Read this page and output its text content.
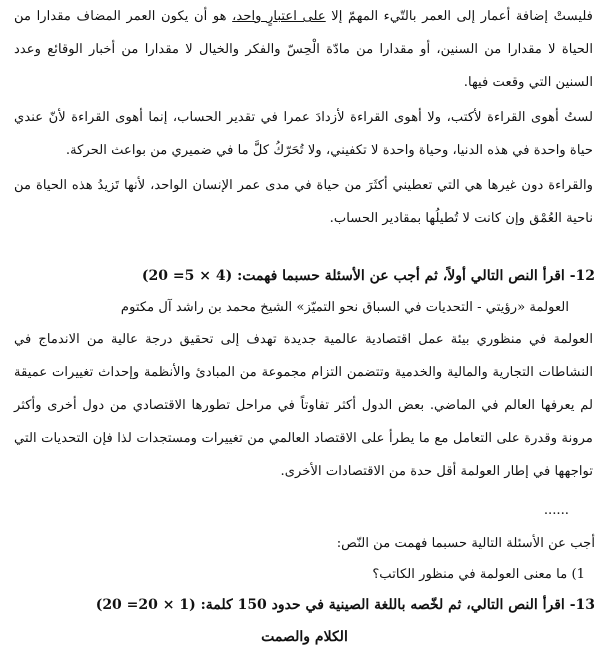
فليستْ إضافة أعمار إلى العمر بالتّيء المهمّ إلا على اعتبارٍ واحد، هو أن يكون العمر المضاف مقدارا من الحياة لا مقدارا من السنين، أو مقدارا من مادّة الْحِسّ والفكر والخيال لا مقدارا من أخبار الوقائع وعدد السنين التي وقعت فيها.

لستُ أهوى القراءة لأكتب، ولا أهوى القراءة لأزدادَ عمرا في تقدير الحساب، إنما أهوى القراءة لأنّ عندي حياة واحدة في هذه الدنيا، وحياة واحدة لا تكفيني، ولا تُحَرّكُ كلَّ ما في ضميري من بواعث الحركة.

والقراءة دون غيرها هي التي تعطيني أكثَرَ من حياة في مدى عمر الإنسان الواحد، لأنها تَزيدُ هذه الحياة من ناحية العُمْق وإن كانت لا تُطيلُها بمقادير الحساب.

12- اقرأ النص التالي أولاً، ثم أجب عن الأسئلة حسبما فهمت: (4 × 5= 20)
العولمة «رؤيتي - التحديات في السباق نحو التميّز» الشيخ محمد بن راشد آل مكتوم

العولمة في منظوري بيئة عمل اقتصادية عالمية جديدة تهدف إلى تحقيق درجة عالية من الاندماج في النشاطات التجارية والمالية والخدمية وتتضمن التزام مجموعة من المبادئ والأنظمة وإحداث تغييرات عميقة لم يعرفها العالم في الماضي. بعض الدول أكثر تفاوتاً في مراحل تطورها الاقتصادي من دول أخرى وأكثر مرونة وقدرة على التعامل مع ما يطرأ على الاقتصاد العالمي من تغييرات ومستجدات لذا فإن التحديات التي تواجهها في إطار العولمة أقل حدة من الاقتصادات الأخرى.

......
أجب عن الأسئلة التالية حسبما فهمت من النّص:
1) ما معنى العولمة في منظور الكاتب؟
13- اقرأ النص التالي، ثم لخّصه باللغة الصينية في حدود 150 كلمة: (1 × 20= 20)
الكلام والصمت
